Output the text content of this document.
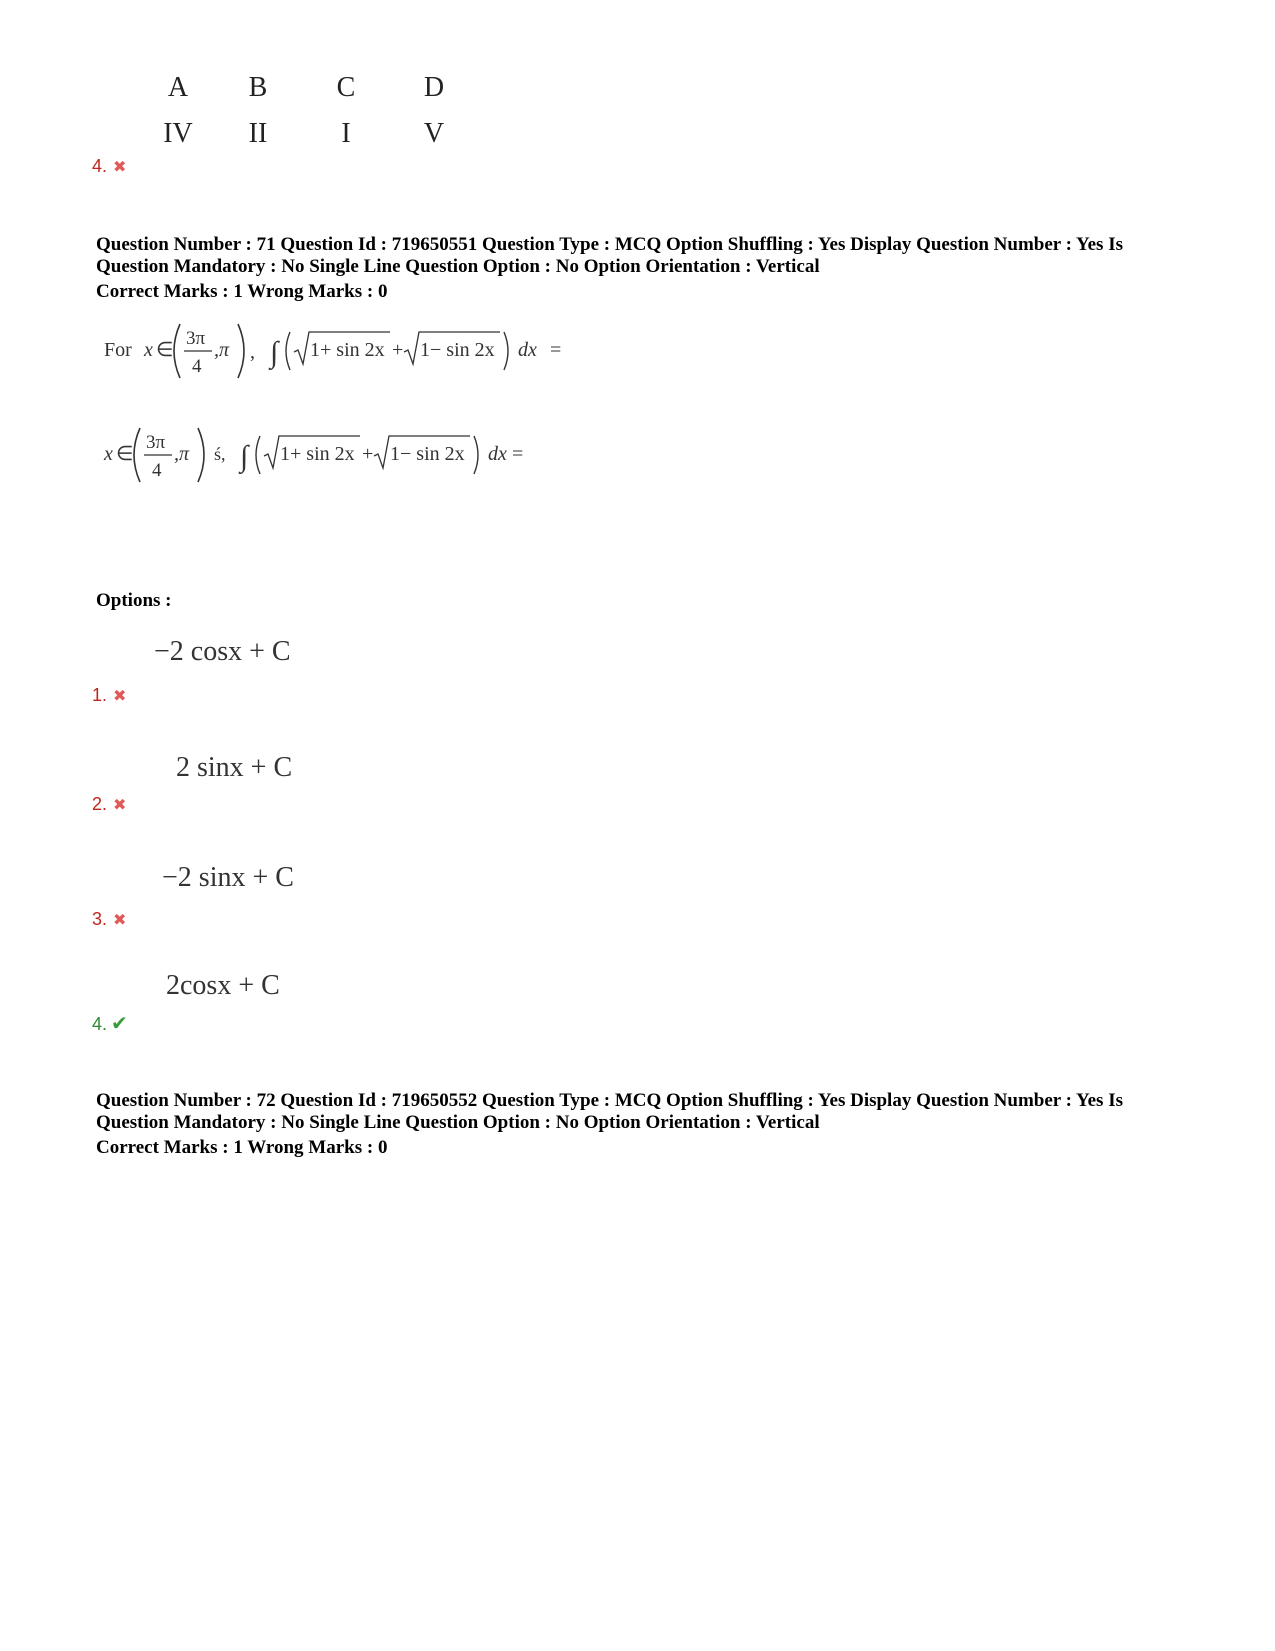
A	B	C	D
IV	II	I	V
4. ✖
Question Number : 71 Question Id : 719650551 Question Type : MCQ Option Shuffling : Yes Display Question Number : Yes Is Question Mandatory : No Single Line Question Option : No Option Orientation : Vertical
Correct Marks : 1 Wrong Marks : 0
For x ∈
3π
4
,π , ∫ 1+ sin 2x + 1− sin 2x dx =
x ∈
3π
4
,π ś, ∫ 1+ sin 2x + 1− sin 2x dx =
Options :
−2 cosx + C
1. ✖
2 sinx + C
2. ✖
−2 sinx + C
3. ✖
2cosx + C
4. ✔
Question Number : 72 Question Id : 719650552 Question Type : MCQ Option Shuffling : Yes Display Question Number : Yes Is Question Mandatory : No Single Line Question Option : No Option Orientation : Vertical
Correct Marks : 1 Wrong Marks : 0
